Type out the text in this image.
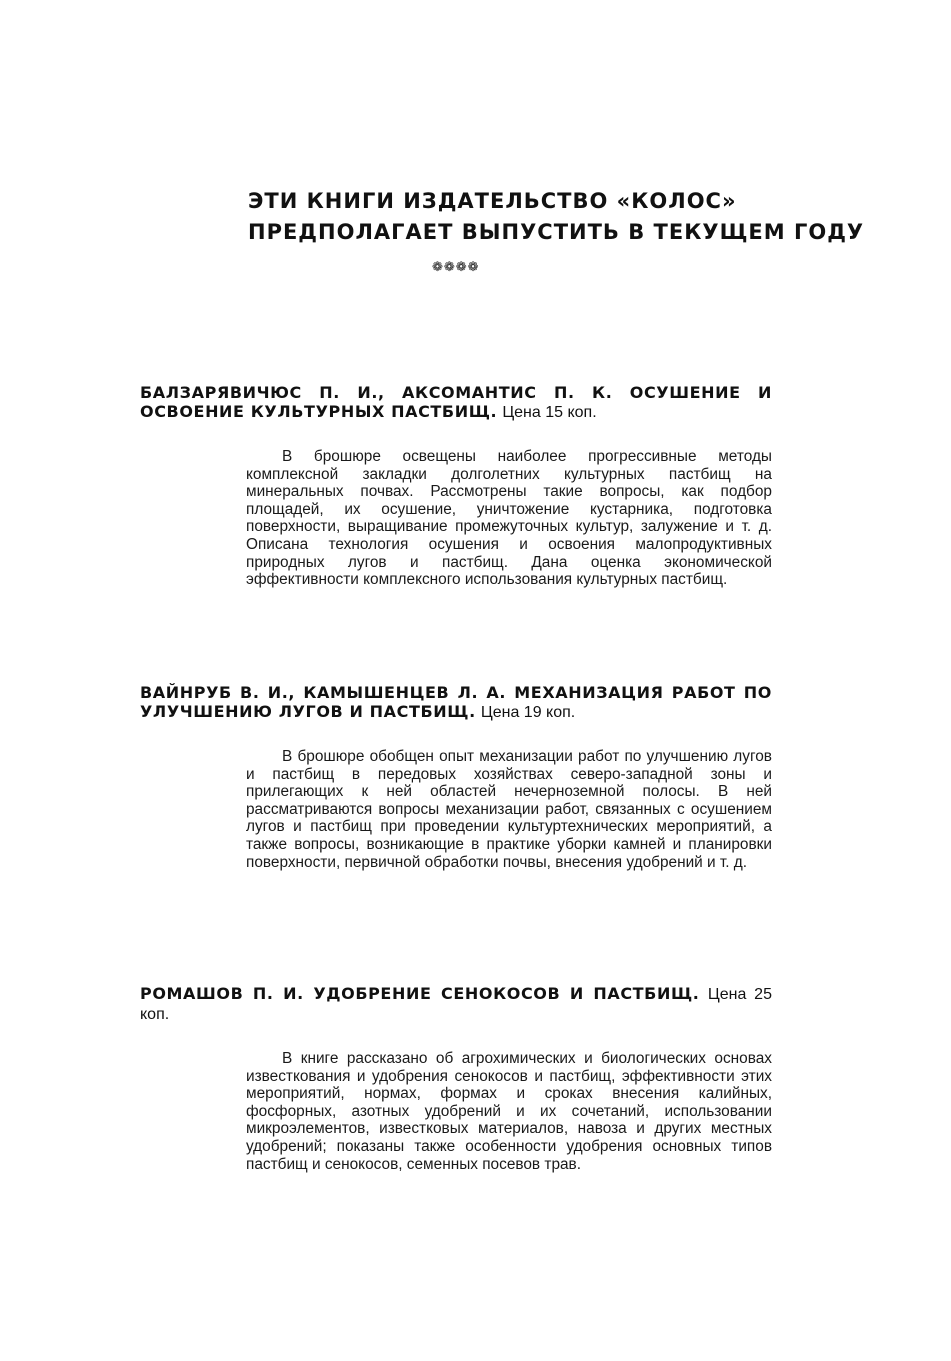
ЭТИ КНИГИ ИЗДАТЕЛЬСТВО «КОЛОС»
ПРЕДПОЛАГАЕТ ВЫПУСТИТЬ В ТЕКУЩЕМ ГОДУ
❁❁❁❁
БАЛЗАРЯВИЧЮС П. И., АКСОМАНТИС П. К. ОСУШЕНИЕ И ОСВОЕНИЕ КУЛЬТУРНЫХ ПАСТБИЩ. Цена 15 коп.
В брошюре освещены наиболее прогрессивные методы комплексной закладки долголетних культурных пастбищ на минеральных почвах. Рассмотрены такие вопросы, как подбор площадей, их осушение, уничтожение кустарника, подготовка поверхности, выращивание промежуточных культур, залужение и т. д. Описана технология осушения и освоения малопродуктивных природных лугов и пастбищ. Дана оценка экономической эффективности комплексного использования культурных пастбищ.
ВАЙНРУБ В. И., КАМЫШЕНЦЕВ Л. А. МЕХАНИЗАЦИЯ РАБОТ ПО УЛУЧШЕНИЮ ЛУГОВ И ПАСТБИЩ. Цена 19 коп.
В брошюре обобщен опыт механизации работ по улучшению лугов и пастбищ в передовых хозяйствах северо-западной зоны и прилегающих к ней областей нечерноземной полосы. В ней рассматриваются вопросы механизации работ, связанных с осушением лугов и пастбищ при проведении культуртехнических мероприятий, а также вопросы, возникающие в практике уборки камней и планировки поверхности, первичной обработки почвы, внесения удобрений и т. д.
РОМАШОВ П. И. УДОБРЕНИЕ СЕНОКОСОВ И ПАСТБИЩ. Цена 25 коп.
В книге рассказано об агрохимических и биологических основах известкования и удобрения сенокосов и пастбищ, эффективности этих мероприятий, нормах, формах и сроках внесения калийных, фосфорных, азотных удобрений и их сочетаний, использовании микроэлементов, известковых материалов, навоза и других местных удобрений; показаны также особенности удобрения основных типов пастбищ и сенокосов, семенных посевов трав.
